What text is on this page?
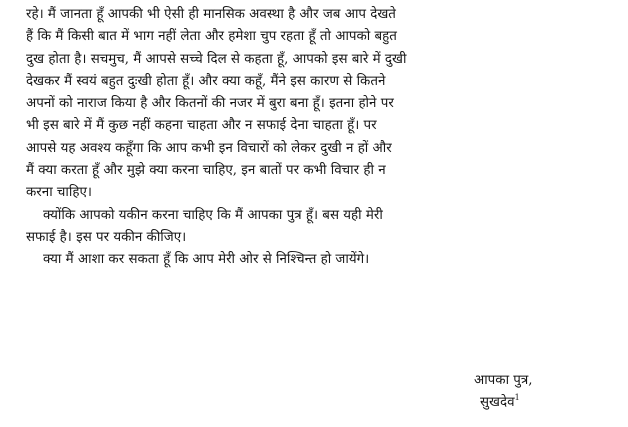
रहे। मैं जानता हूँ आपकी भी ऐसी ही मानसिक अवस्था है और जब आप देखते
हैं कि मैं किसी बात में भाग नहीं लेता और हमेशा चुप रहता हूँ तो आपको बहुत
दुख होता है। सचमुच, मैं आपसे सच्चे दिल से कहता हूँ, आपको इस बारे में दुखी
देखकर मैं स्वयं बहुत दुःखी होता हूँ। और क्या कहूँ, मैंने इस कारण से कितने
अपनों को नाराज किया है और कितनों की नजर में बुरा बना हूँ। इतना होने पर
भी इस बारे में मैं कुछ नहीं कहना चाहता और न सफाई देना चाहता हूँ। पर
आपसे यह अवश्य कहूँगा कि आप कभी इन विचारों को लेकर दुखी न हों और
मैं क्या करता हूँ और मुझे क्या करना चाहिए, इन बातों पर कभी विचार ही न
करना चाहिए।
क्योंकि आपको यकीन करना चाहिए कि मैं आपका पुत्र हूँ। बस यही मेरी
सफाई है। इस पर यकीन कीजिए।
क्या मैं आशा कर सकता हूँ कि आप मेरी ओर से निश्चिन्त हो जायेंगे।
आपका पुत्र,
सुखदेव$^1$
